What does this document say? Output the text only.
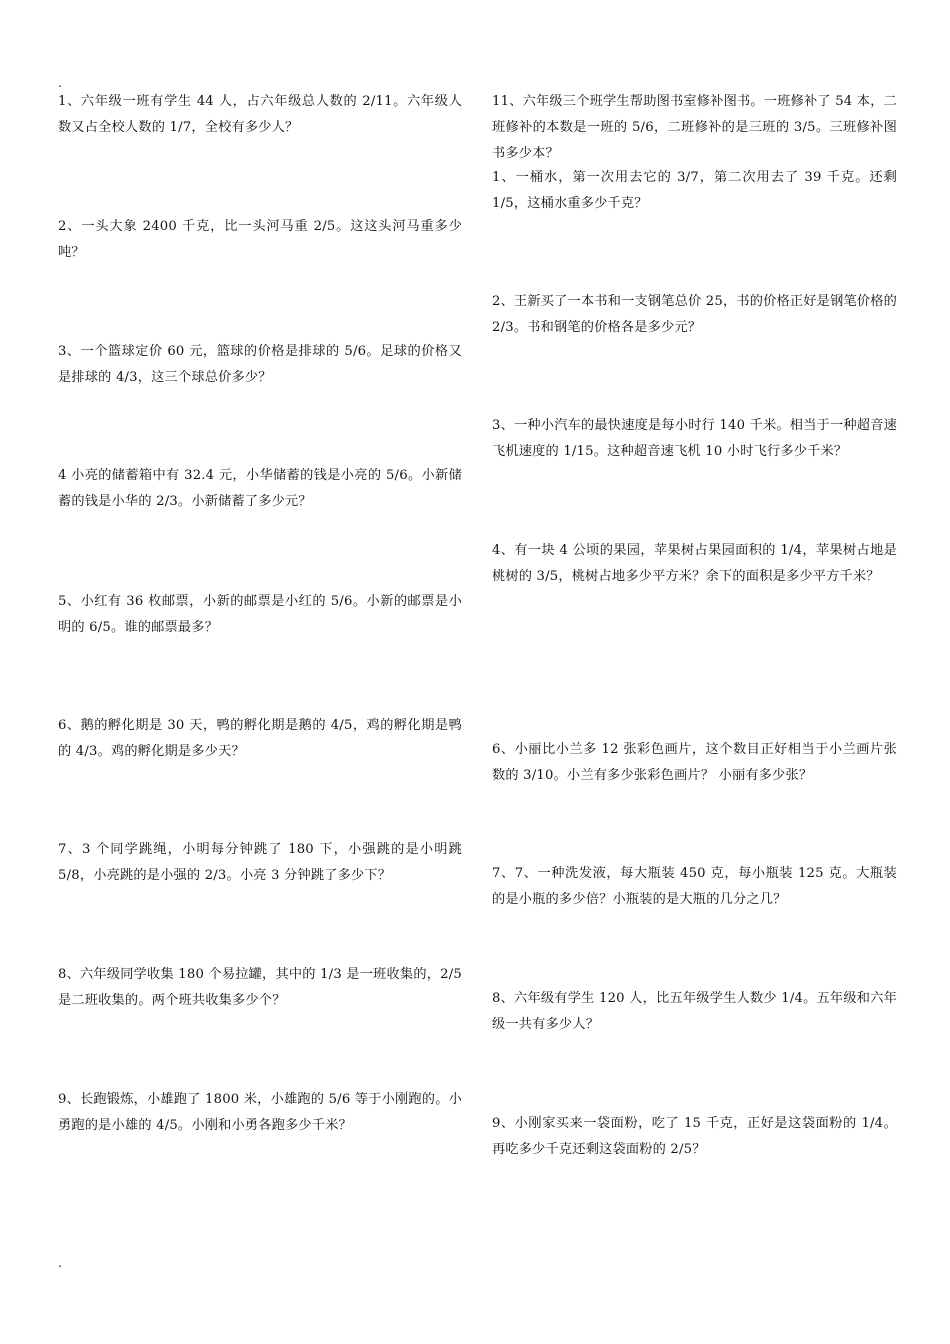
.

1、六年级一班有学生 44 人，占六年级总人数的 2/11。六年级人数又占全校人数的 1/7，全校有多少人？

2、一头大象 2400 千克，比一头河马重 2/5。这这头河马重多少吨？

3、一个篮球定价 60 元，篮球的价格是排球的 5/6。足球的价格又是排球的 4/3，这三个球总价多少？

4 小亮的储蓄箱中有 32.4 元，小华储蓄的钱是小亮的 5/6。小新储蓄的钱是小华的 2/3。小新储蓄了多少元？

5、小红有 36 枚邮票，小新的邮票是小红的 5/6。小新的邮票是小明的 6/5。谁的邮票最多？

6、鹅的孵化期是 30 天，鸭的孵化期是鹅的 4/5，鸡的孵化期是鸭的 4/3。鸡的孵化期是多少天？

7、3 个同学跳绳，小明每分钟跳了 180 下，小强跳的是小明跳 5/8，小亮跳的是小强的 2/3。小亮 3 分钟跳了多少下？

8、六年级同学收集 180 个易拉罐，其中的 1/3 是一班收集的，2/5 是二班收集的。两个班共收集多少个？

9、长跑锻炼，小雄跑了 1800 米，小雄跑的 5/6 等于小刚跑的。小勇跑的是小雄的 4/5。小刚和小勇各跑多少千米？

11、六年级三个班学生帮助图书室修补图书。一班修补了 54 本，二班修补的本数是一班的 5/6，二班修补的是三班的 3/5。三班修补图书多少本？

1、一桶水，第一次用去它的 3/7，第二次用去了 39 千克。还剩 1/5，这桶水重多少千克？

2、王新买了一本书和一支钢笔总价 25，书的价格正好是钢笔价格的 2/3。书和钢笔的价格各是多少元？

3、一种小汽车的最快速度是每小时行 140 千米。相当于一种超音速飞机速度的 1/15。这种超音速飞机 10 小时飞行多少千米？

4、有一块 4 公顷的果园，苹果树占果园面积的 1/4，苹果树占地是桃树的 3/5，桃树占地多少平方米？余下的面积是多少平方千米？

6、小丽比小兰多 12 张彩色画片，这个数目正好相当于小兰画片张数的 3/10。小兰有多少张彩色画片？ 小丽有多少张？

7、7、一种洗发液，每大瓶装 450 克，每小瓶装 125 克。大瓶装的是小瓶的多少倍？小瓶装的是大瓶的几分之几？

8、六年级有学生 120 人，比五年级学生人数少 1/4。五年级和六年级一共有多少人？

9、小刚家买来一袋面粉，吃了 15 千克，正好是这袋面粉的 1/4。再吃多少千克还剩这袋面粉的 2/5？

.
